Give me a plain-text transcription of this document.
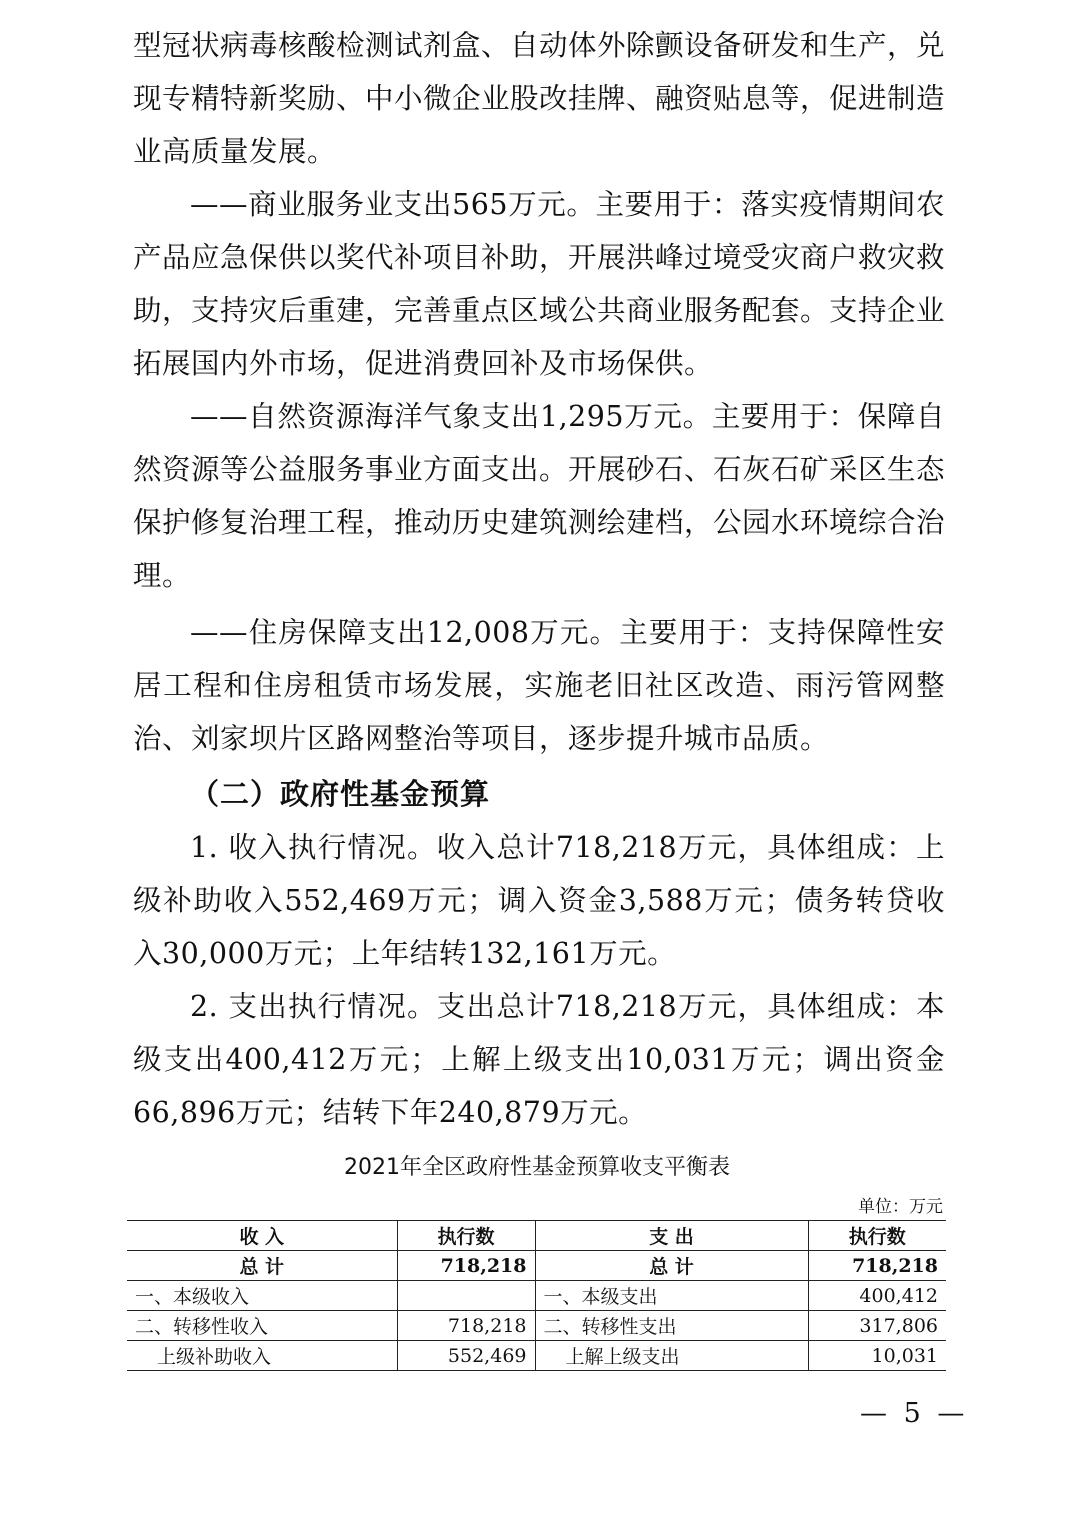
型冠状病毒核酸检测试剂盒、自动体外除颤设备研发和生产，兑现专精特新奖励、中小微企业股改挂牌、融资贴息等，促进制造业高质量发展。

——商业服务业支出565万元。主要用于：落实疫情期间农产品应急保供以奖代补项目补助，开展洪峰过境受灾商户救灾救助，支持灾后重建，完善重点区域公共商业服务配套。支持企业拓展国内外市场，促进消费回补及市场保供。

——自然资源海洋气象支出1,295万元。主要用于：保障自然资源等公益服务事业方面支出。开展砂石、石灰石矿采区生态保护修复治理工程，推动历史建筑测绘建档，公园水环境综合治理。

——住房保障支出12,008万元。主要用于：支持保障性安居工程和住房租赁市场发展，实施老旧社区改造、雨污管网整治、刘家坝片区路网整治等项目，逐步提升城市品质。

（二）政府性基金预算

1. 收入执行情况。收入总计718,218万元，具体组成：上级补助收入552,469万元；调入资金3,588万元；债务转贷收入30,000万元；上年结转132,161万元。

2. 支出执行情况。支出总计718,218万元，具体组成：本级支出400,412万元；上解上级支出10,031万元；调出资金66,896万元；结转下年240,879万元。

2021年全区政府性基金预算收支平衡表

单位：万元
收 入	执行数	支 出	执行数
总 计	718,218	总 计	718,218
一、本级收入		一、本级支出	400,412
二、转移性收入	718,218	二、转移性支出	317,806
上级补助收入	552,469	上解上级支出	10,031
— 5 —
